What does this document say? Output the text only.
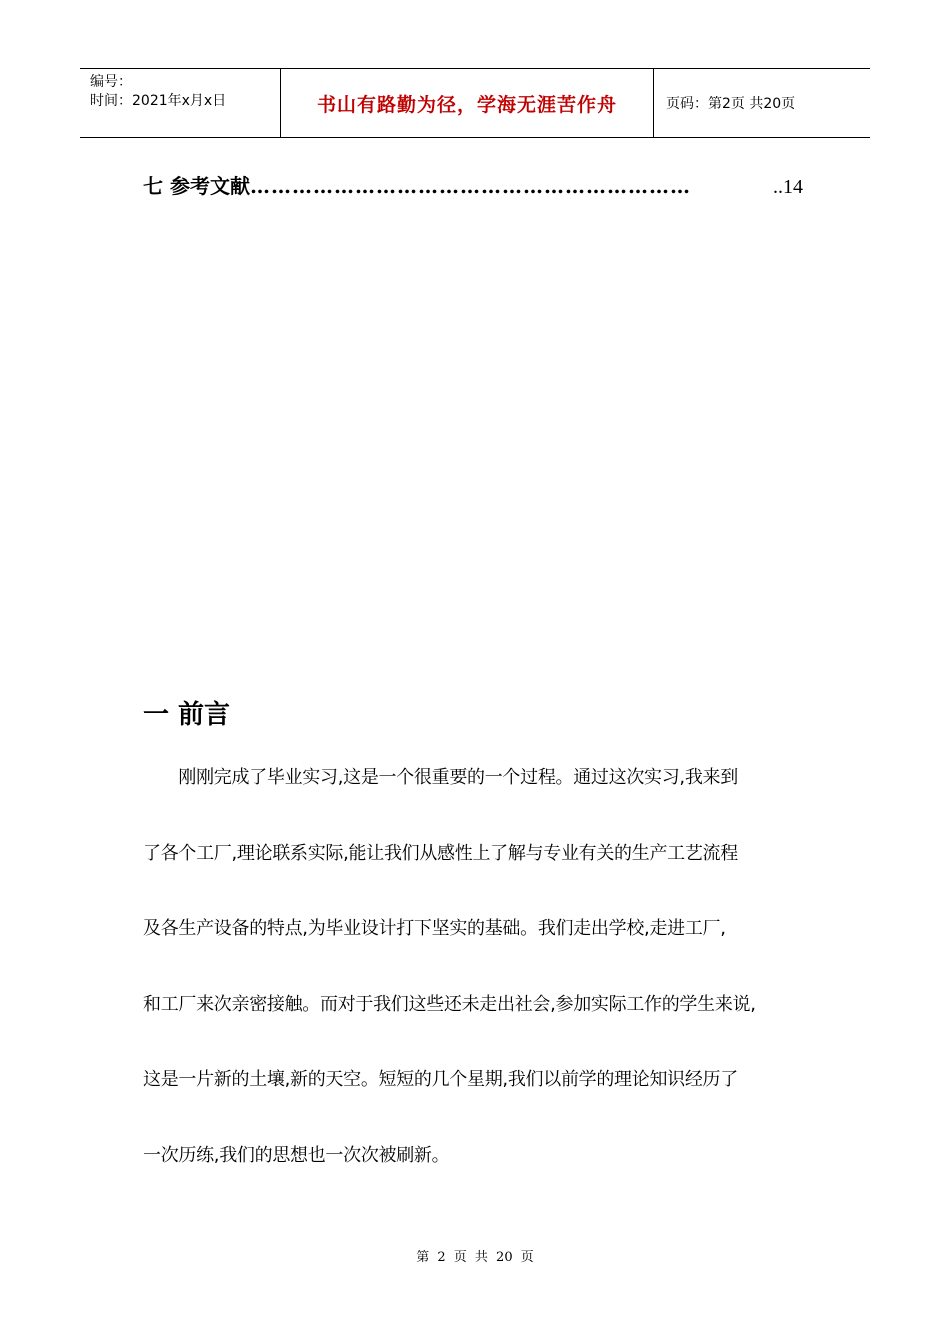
编号：
时间：2021年x月x日	书山有路勤为径，学海无涯苦作舟	页码：第2页 共20页
七 参考文献 ………………………………………………………	..14
一 前言
　　刚刚完成了毕业实习,这是一个很重要的一个过程。通过这次实习,我来到
了各个工厂,理论联系实际,能让我们从感性上了解与专业有关的生产工艺流程
及各生产设备的特点,为毕业设计打下坚实的基础。我们走出学校,走进工厂,
和工厂来次亲密接触。而对于我们这些还未走出社会,参加实际工作的学生来说,
这是一片新的土壤,新的天空。短短的几个星期,我们以前学的理论知识经历了
一次历练,我们的思想也一次次被刷新。
第 2 页 共 20 页
